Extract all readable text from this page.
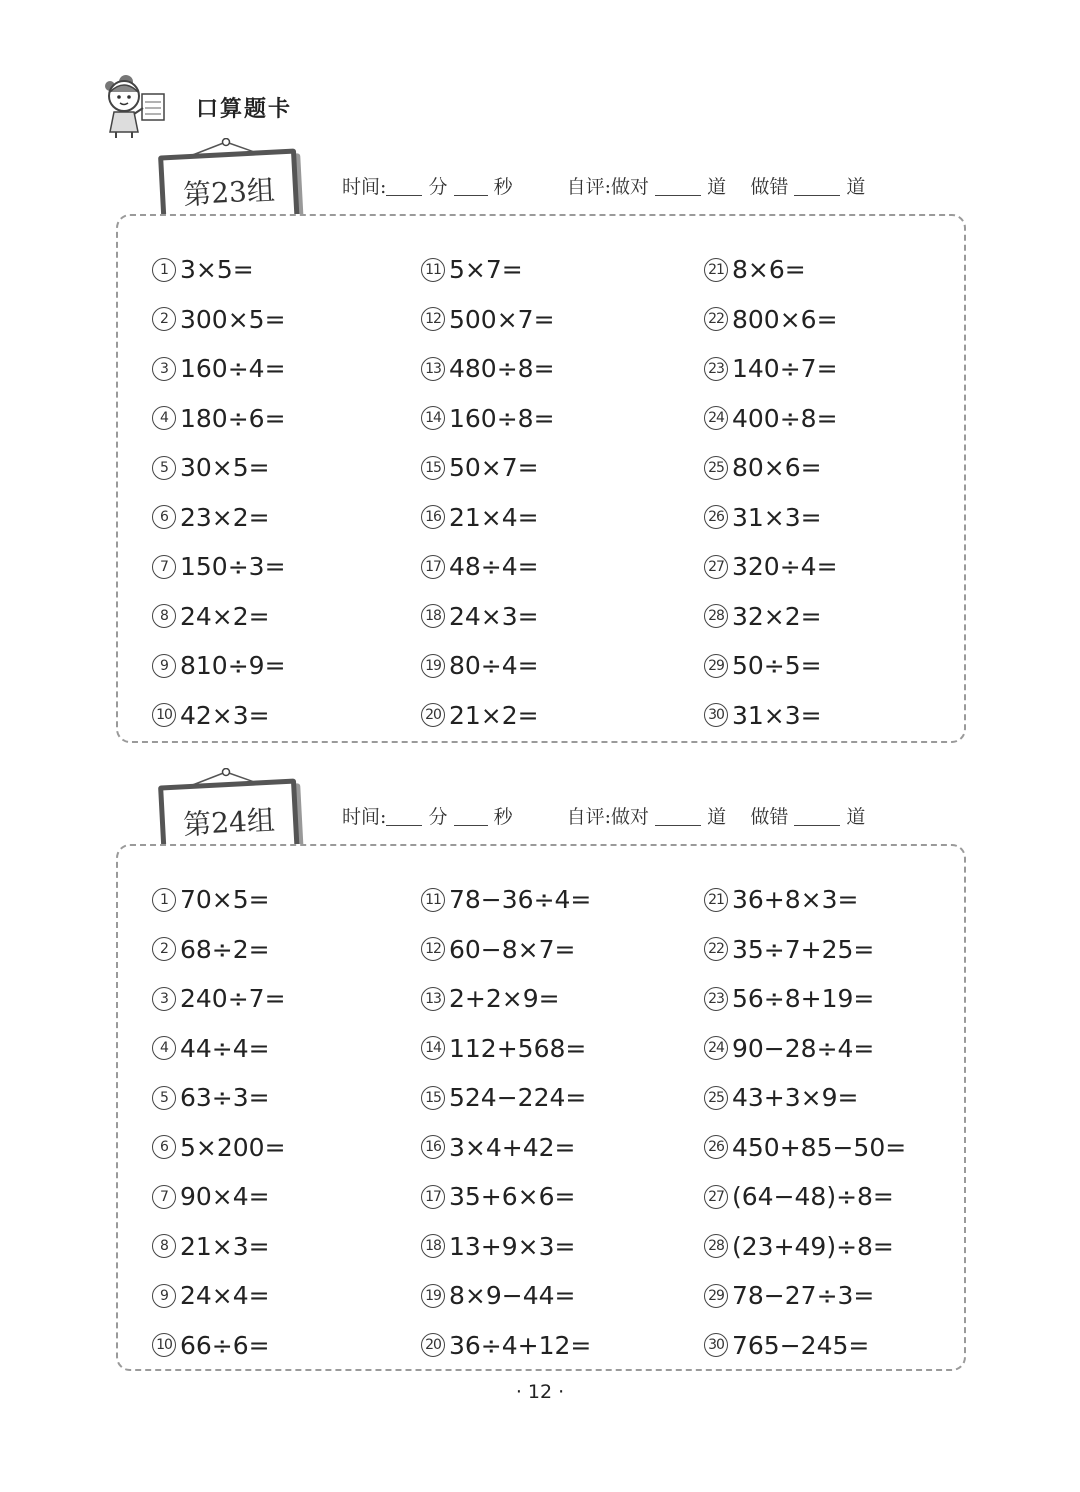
口算题卡
第23组	时间: 分 秒	自评:做对	道 做错	道
1 3×5=
2 300×5=
3 160÷4=
4 180÷6=
5 30×5=
6 23×2=
7 150÷3=
8 24×2=
9 810÷9=
10 42×3=
11 5×7=
12 500×7=
13 480÷8=
14 160÷8=
15 50×7=
16 21×4=
17 48÷4=
18 24×3=
19 80÷4=
20 21×2=
21 8×6=
22 800×6=
23 140÷7=
24 400÷8=
25 80×6=
26 31×3=
27 320÷4=
28 32×2=
29 50÷5=
30 31×3=
第24组	时间: 分 秒	自评:做对	道 做错	道
1 70×5=
2 68÷2=
3 240÷7=
4 44÷4=
5 63÷3=
6 5×200=
7 90×4=
8 21×3=
9 24×4=
10 66÷6=
11 78−36÷4=
12 60−8×7=
13 2+2×9=
14 112+568=
15 524−224=
16 3×4+42=
17 35+6×6=
18 13+9×3=
19 8×9−44=
20 36÷4+12=
21 36+8×3=
22 35÷7+25=
23 56÷8+19=
24 90−28÷4=
25 43+3×9=
26 450+85−50=
27 (64−48)÷8=
28 (23+49)÷8=
29 78−27÷3=
30 765−245=
· 12 ·
